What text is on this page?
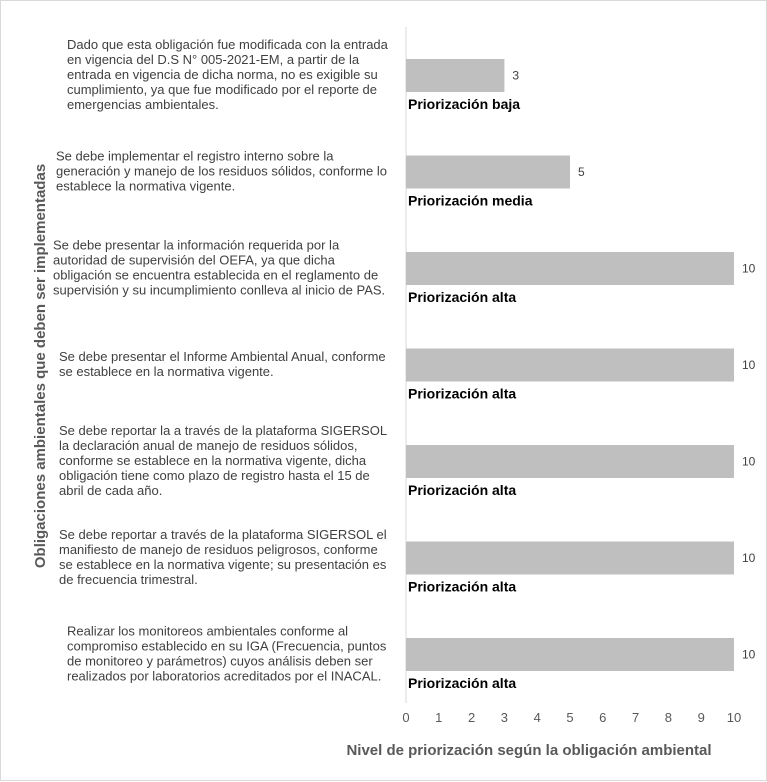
3
Priorización baja
Dado que esta obligación fue modificada con la entrada
en vigencia del D.S N° 005-2021-EM, a partir de la
entrada en vigencia de dicha norma, no es exigible su
cumplimiento, ya que fue modificado por el reporte de
emergencias ambientales.
5
Priorización media
Se debe implementar el registro interno sobre la
generación y manejo de los residuos sólidos, conforme lo
establece la normativa vigente.
10
Priorización alta
Se debe presentar la información requerida por la
autoridad de supervisión del OEFA, ya que dicha
obligación se encuentra establecida en el reglamento de
supervisión y su incumplimiento conlleva al inicio de PAS.
10
Priorización alta
Se debe presentar el Informe Ambiental Anual, conforme
se establece en la normativa vigente.
10
Priorización alta
Se debe reportar la a través de la plataforma SIGERSOL
la declaración anual de manejo de residuos sólidos,
conforme se establece en la normativa vigente, dicha
obligación tiene como plazo de registro hasta el 15 de
abril de cada año.
10
Priorización alta
Se debe reportar a través de la plataforma SIGERSOL el
manifiesto de manejo de residuos peligrosos, conforme
se establece en la normativa vigente; su presentación es
de frecuencia trimestral.
10
Priorización alta
Realizar los monitoreos ambientales conforme al
compromiso establecido en su IGA (Frecuencia, puntos
de monitoreo y parámetros) cuyos análisis deben ser
realizados por laboratorios acreditados por el INACAL.
0 1 2 3 4 5 6 7 8 9 10
Nivel de priorización según la obligación ambiental
Obligaciones ambientales que deben ser implementadas
